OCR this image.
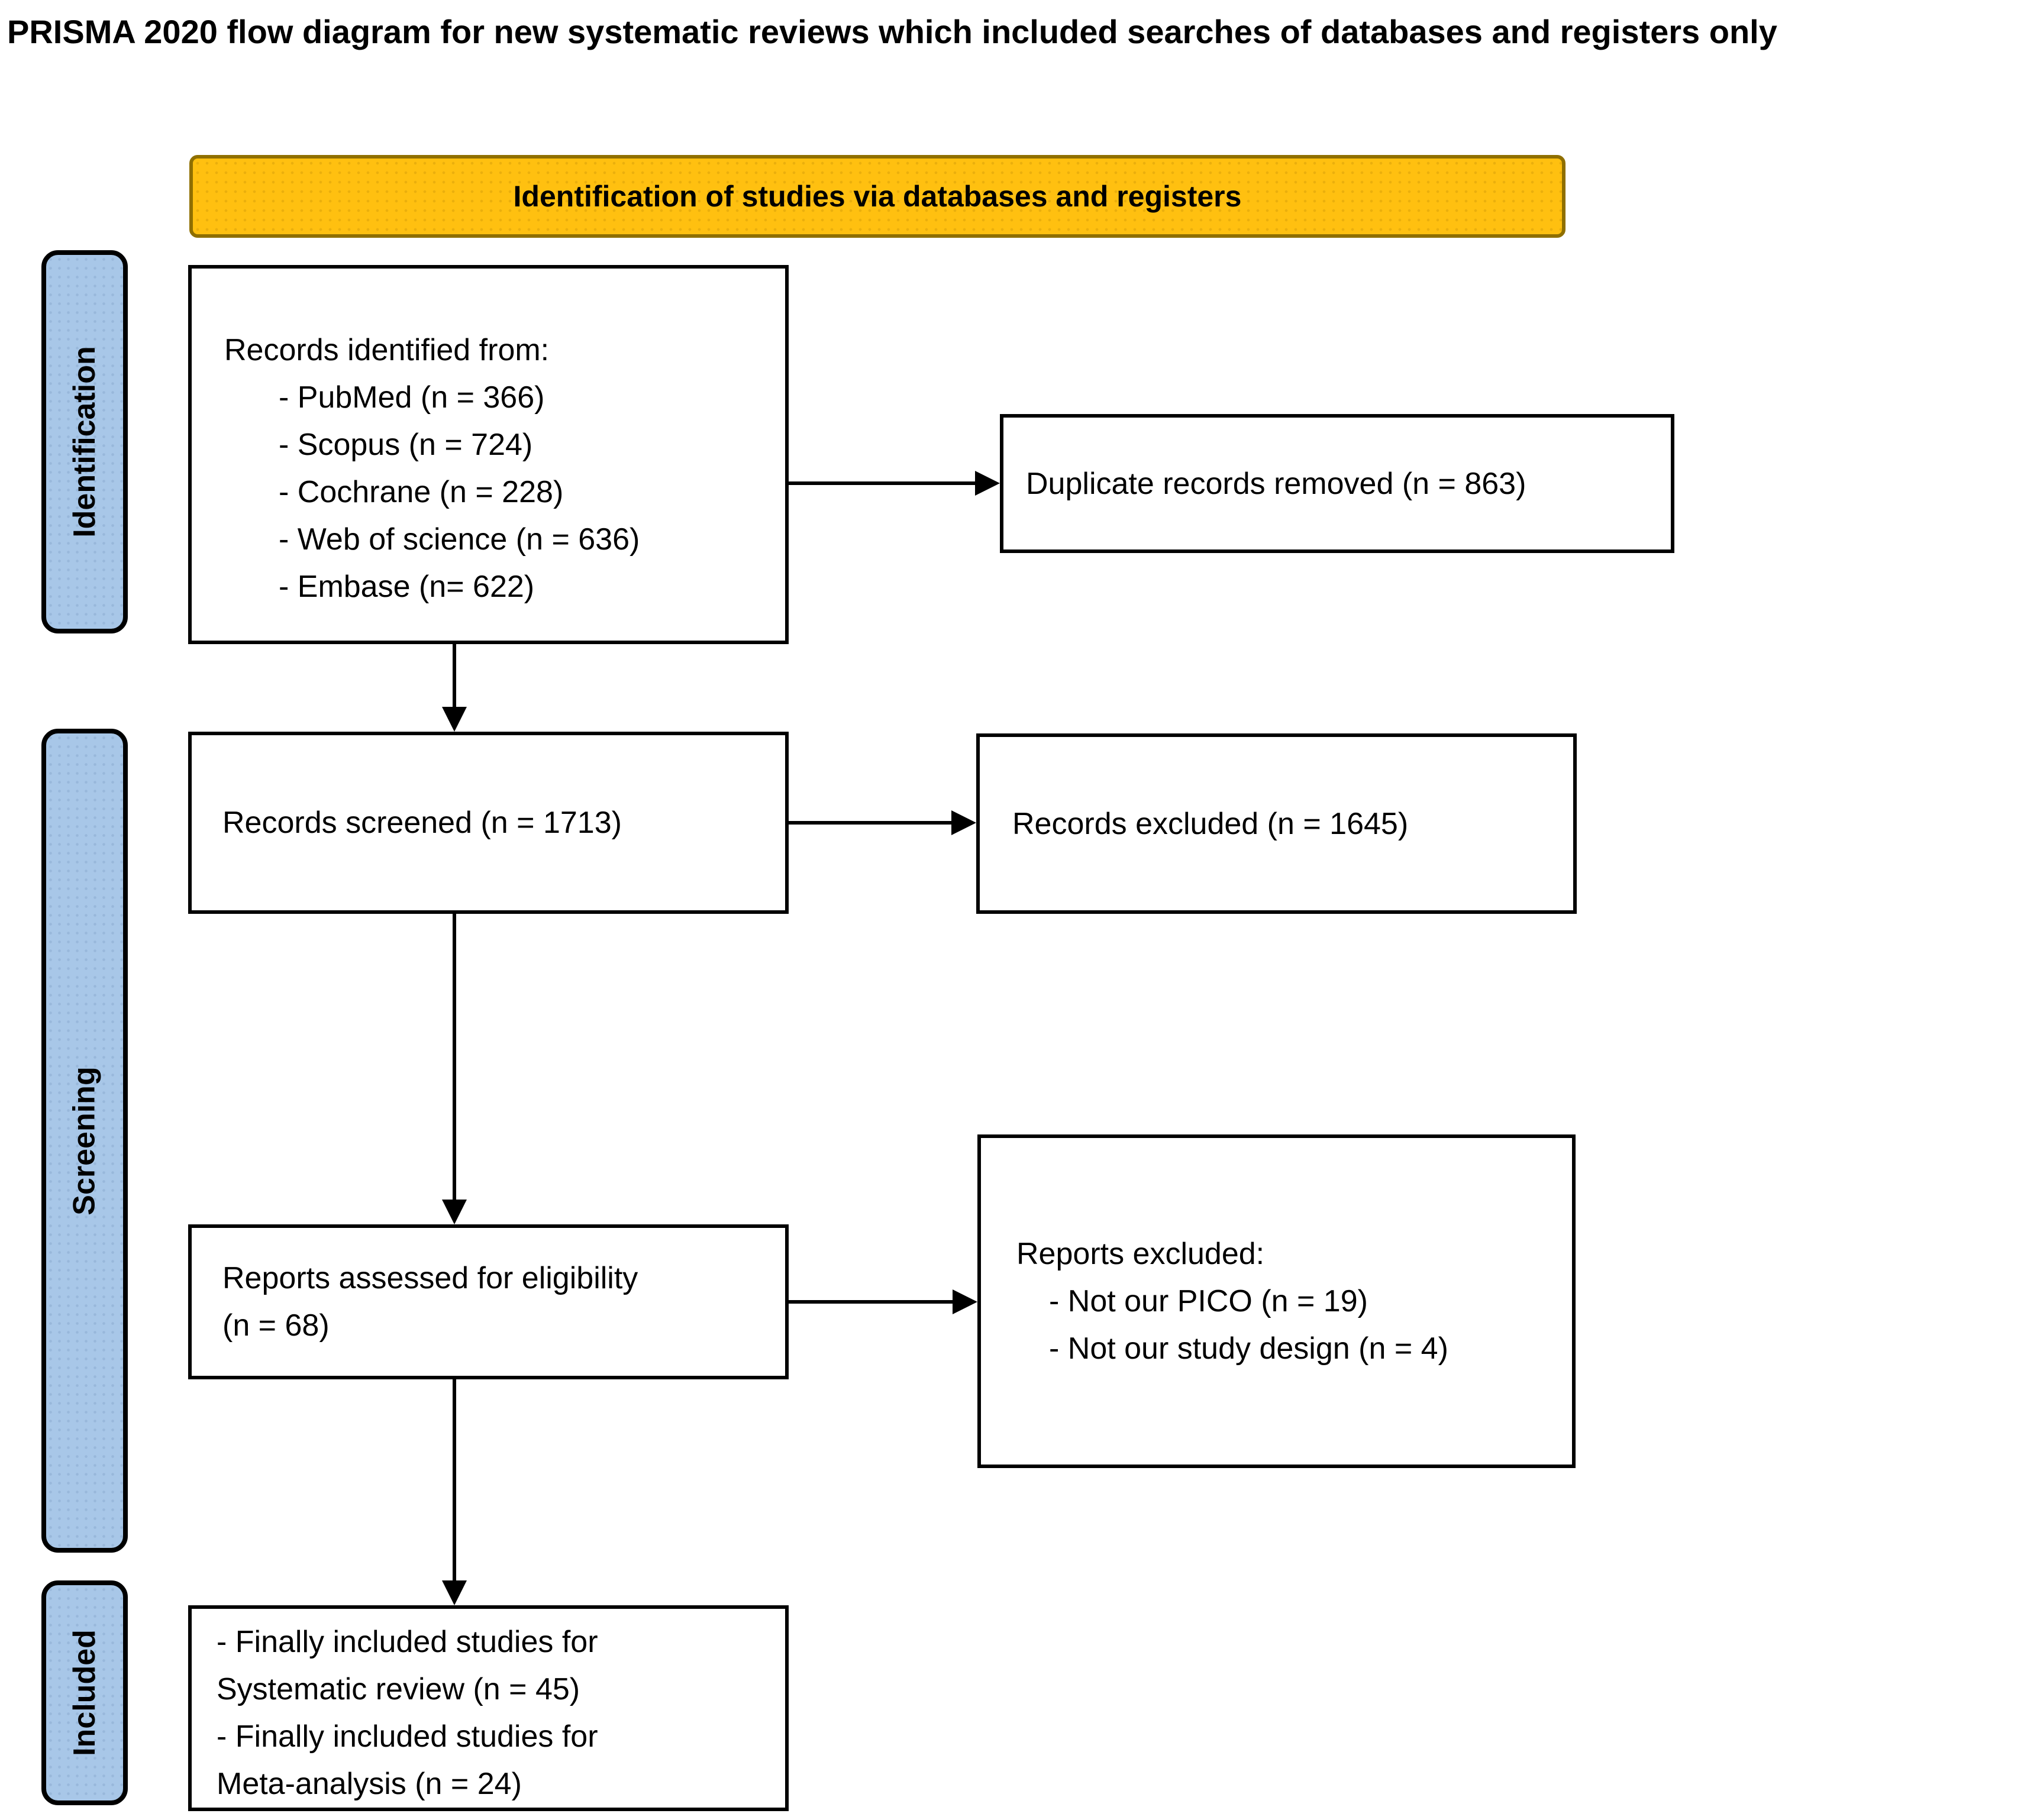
PRISMA 2020 flow diagram for new systematic reviews which included searches of databases and registers only
Identification of studies via databases and registers
Identification
Screening
Included
Records identified from:
- PubMed (n = 366)
- Scopus (n = 724)
- Cochrane (n = 228)
- Web of science (n = 636)
- Embase (n= 622)
Duplicate records removed (n = 863)
Records screened (n = 1713)	Records excluded (n = 1645)
Reports assessed for eligibility
(n = 68)
Reports excluded:
- Not our PICO (n = 19)
- Not our study design (n = 4)
- Finally included studies for
Systematic review (n = 45)
- Finally included studies for
Meta-analysis (n = 24)
